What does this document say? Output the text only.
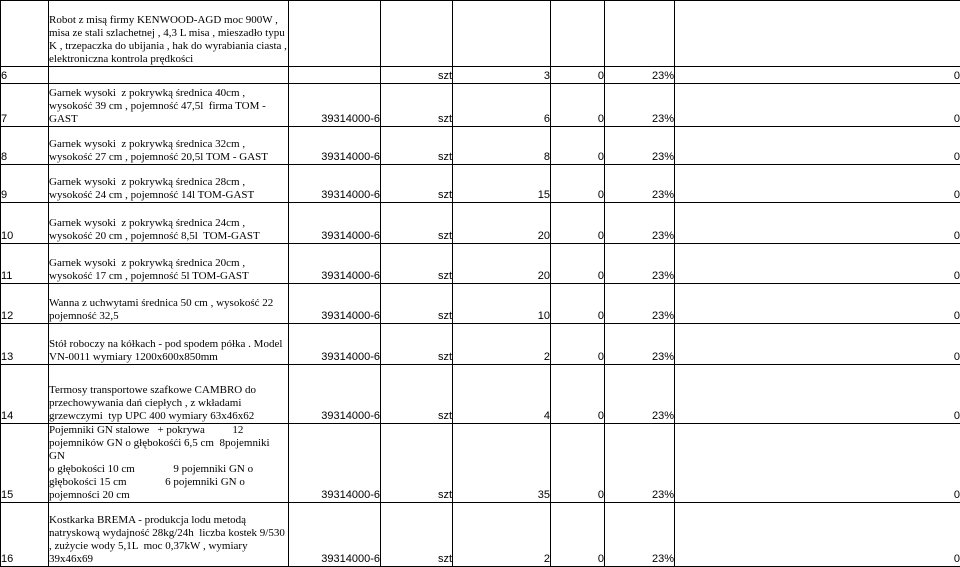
	Robot z misą firmy KENWOOD-AGD moc 900W ,
misa ze stali szlachetnej , 4,3 L misa , mieszadło typu
K , trzepaczka do ubijania , hak do wyrabiania ciasta ,
elektroniczna kontrola prędkości						

6			szt	3	0	23%	0
7	Garnek wysoki  z pokrywką średnica 40cm ,
wysokość 39 cm , pojemność 47,5l  firma TOM -
GAST	39314000-6	szt	6	0	23%	0
8	Garnek wysoki  z pokrywką średnica 32cm ,
wysokość 27 cm , pojemność 20,5l TOM - GAST	39314000-6	szt	8	0	23%	0
9	Garnek wysoki  z pokrywką średnica 28cm ,
wysokość 24 cm , pojemność 14l TOM-GAST	39314000-6	szt	15	0	23%	0
10	Garnek wysoki  z pokrywką średnica 24cm ,
wysokość 20 cm , pojemność 8,5l  TOM-GAST	39314000-6	szt	20	0	23%	0
11	Garnek wysoki  z pokrywką średnica 20cm ,
wysokość 17 cm , pojemność 5l TOM-GAST	39314000-6	szt	20	0	23%	0
12	Wanna z uchwytami średnica 50 cm , wysokość 22
pojemność 32,5	39314000-6	szt	10	0	23%	0
13	Stół roboczy na kółkach - pod spodem półka . Model
VN-0011 wymiary 1200x600x850mm	39314000-6	szt	2	0	23%	0
14	Termosy transportowe szafkowe CAMBRO do
przechowywania dań ciepłych , z wkładami
grzewczymi  typ UPC 400 wymiary 63x46x62	39314000-6	szt	4	0	23%	0
15	Pojemniki GN stalowe   + pokrywa          12
pojemników GN o głębokośći 6,5 cm  8pojemniki GN
o głębokości 10 cm              9 pojemniki GN o
głębokości 15 cm              6 pojemniki GN o
pojemności 20 cm	39314000-6	szt	35	0	23%	0
16	Kostkarka BREMA - produkcja lodu metodą
natryskową wydajność 28kg/24h  liczba kostek 9/530
, zużycie wody 5,1L  moc 0,37kW , wymiary
39x46x69	39314000-6	szt	2	0	23%	0
